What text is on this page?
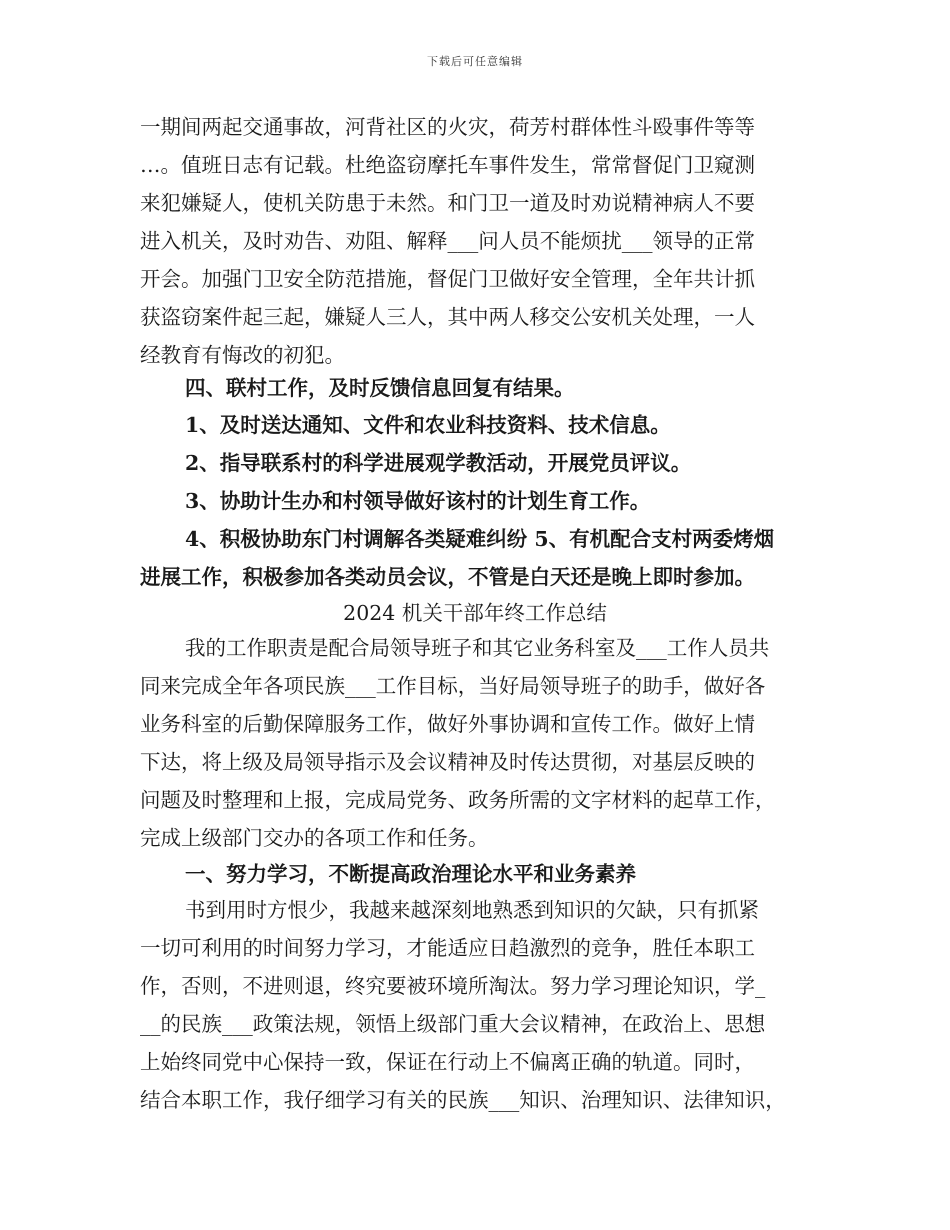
下载后可任意编辑
一期间两起交通事故，河背社区的火灾，荷芳村群体性斗殴事件等等
…。值班日志有记载。杜绝盗窃摩托车事件发生，常常督促门卫窥测
来犯嫌疑人，使机关防患于未然。和门卫一道及时劝说精神病人不要
进入机关，及时劝告、劝阻、解释___问人员不能烦扰___领导的正常
开会。加强门卫安全防范措施，督促门卫做好安全管理，全年共计抓
获盗窃案件起三起，嫌疑人三人，其中两人移交公安机关处理，一人
经教育有悔改的初犯。
四、联村工作，及时反馈信息回复有结果。
1、及时送达通知、文件和农业科技资料、技术信息。
2、指导联系村的科学进展观学教活动，开展党员评议。
3、协助计生办和村领导做好该村的计划生育工作。
4、积极协助东门村调解各类疑难纠纷 5、有机配合支村两委烤烟
进展工作，积极参加各类动员会议，不管是白天还是晚上即时参加。
2024 机关干部年终工作总结
我的工作职责是配合局领导班子和其它业务科室及___工作人员共
同来完成全年各项民族___工作目标，当好局领导班子的助手，做好各
业务科室的后勤保障服务工作，做好外事协调和宣传工作。做好上情
下达，将上级及局领导指示及会议精神及时传达贯彻，对基层反映的
问题及时整理和上报，完成局党务、政务所需的文字材料的起草工作，
完成上级部门交办的各项工作和任务。
一、努力学习，不断提高政治理论水平和业务素养
书到用时方恨少，我越来越深刻地熟悉到知识的欠缺，只有抓紧
一切可利用的时间努力学习，才能适应日趋激烈的竞争，胜任本职工
作，否则，不进则退，终究要被环境所淘汰。努力学习理论知识，学_
__的民族___政策法规，领悟上级部门重大会议精神，在政治上、思想
上始终同党中心保持一致，保证在行动上不偏离正确的轨道。同时，
结合本职工作，我仔细学习有关的民族___知识、治理知识、法律知识，
